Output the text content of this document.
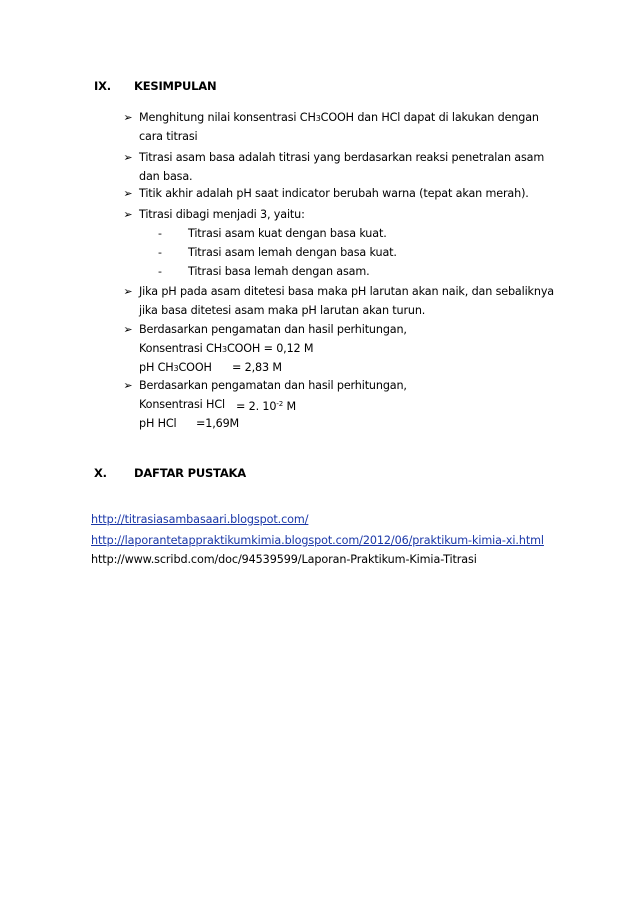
IX. KESIMPULAN
➢ Menghitung nilai konsentrasi CH3COOH dan HCl dapat di lakukan dengan
cara titrasi
➢ Titrasi asam basa adalah titrasi yang berdasarkan reaksi penetralan asam
dan basa.
➢ Titik akhir adalah pH saat indicator berubah warna (tepat akan merah).
➢ Titrasi dibagi menjadi 3, yaitu:
- Titrasi asam kuat dengan basa kuat.
- Titrasi asam lemah dengan basa kuat.
- Titrasi basa lemah dengan asam.
➢ Jika pH pada asam ditetesi basa maka pH larutan akan naik, dan sebaliknya
jika basa ditetesi asam maka pH larutan akan turun.
➢ Berdasarkan pengamatan dan hasil perhitungan,
Konsentrasi CH3COOH = 0,12 M
pH CH3COOH = 2,83 M
➢ Berdasarkan pengamatan dan hasil perhitungan,
Konsentrasi HCl = 2. $10^{-2}$ M
pH HCl =1,69M
X. DAFTAR PUSTAKA
http://titrasiasambasaari.blogspot.com/
http://laporantetappraktikumkimia.blogspot.com/2012/06/praktikum-kimia-xi.html
http://www.scribd.com/doc/94539599/Laporan-Praktikum-Kimia-Titrasi
